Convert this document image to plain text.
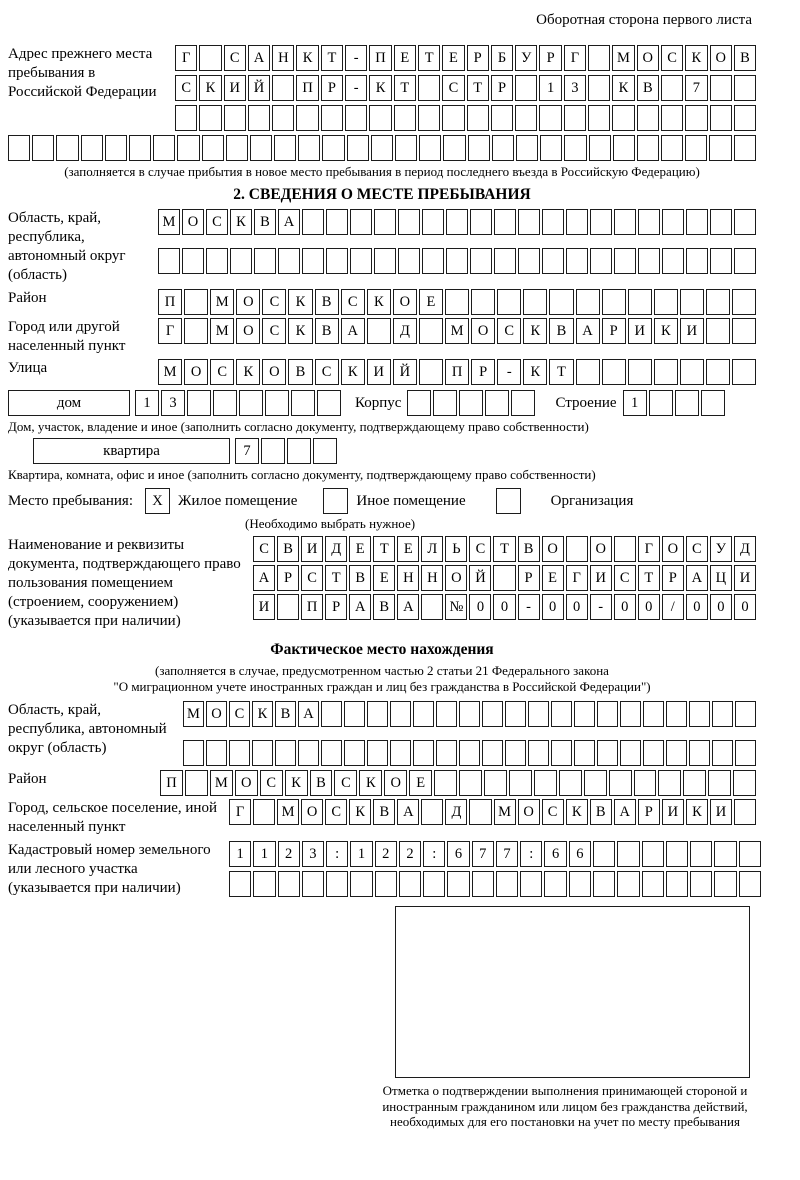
Оборотная сторона первого листа
Адрес прежнего места пребывания в Российской Федерации
Г	С А Н К	Т	-	П	Е	Т	Е	Р	Б	У	Р	Г	М О С	К О В
С	К И Й	П	Р	-	К	Т	С	Т	Р	1	3	К	В	7
(заполняется в случае прибытия в новое место пребывания в период последнего въезда в Российскую Федерацию)
2. СВЕДЕНИЯ О МЕСТЕ ПРЕБЫВАНИЯ
Область, край, республика, автономный округ (область)
М О С К В А
Район	П	М О	С	К	В	С	К	О	Е
Город или другой населенный пункт
Г	М О	С	К	В	А	Д	М О	С	К	В	А	Р	И	К	И
Улица	М О	С	К	О	В	С	К	И	Й	П	Р	-	К	Т
дом	1	3	Корпус	Строение 1
Дом, участок, владение и иное (заполнить согласно документу, подтверждающему право собственности)
квартира	7
Квартира, комната, офис и иное (заполнить согласно документу, подтверждающему право собственности)
Место пребывания:	X	Жилое помещение	Иное помещение	Организация
(Необходимо выбрать нужное)
Наименование и реквизиты документа, подтверждающего право пользования помещением (строением, сооружением) (указывается при наличии)
С В И Д	Е	Т	Е	Л	Ь	С	Т	В О	О	Г	О С У Д
А	Р	С	Т	В	Е Н Н О Й	Р	Е	Г	И С	Т	Р	А Ц И
И	П	Р	А В А	№ 0	0	-	0	0	-	0	0	/	0	0	0
Фактическое место нахождения
(заполняется в случае, предусмотренном частью 2 статьи 21 Федерального закона
"О миграционном учете иностранных граждан и лиц без гражданства в Российской Федерации")
Область, край, республика, автономный округ (область)
М О С К В А
Район	П	М О	С	К	В	С	К	О	Е
Город, сельское поселение, иной населенный пункт
Г	М О С К В А	Д	М О С К В А	Р	И К И
Кадастровый номер земельного или лесного участка (указывается при наличии)
1	1	2	3	:	1	2	2	:	6	7	7	:	6	6
Отметка о подтверждении выполнения принимающей стороной и иностранным гражданином или лицом без гражданства действий, необходимых для его постановки на учет по месту пребывания
